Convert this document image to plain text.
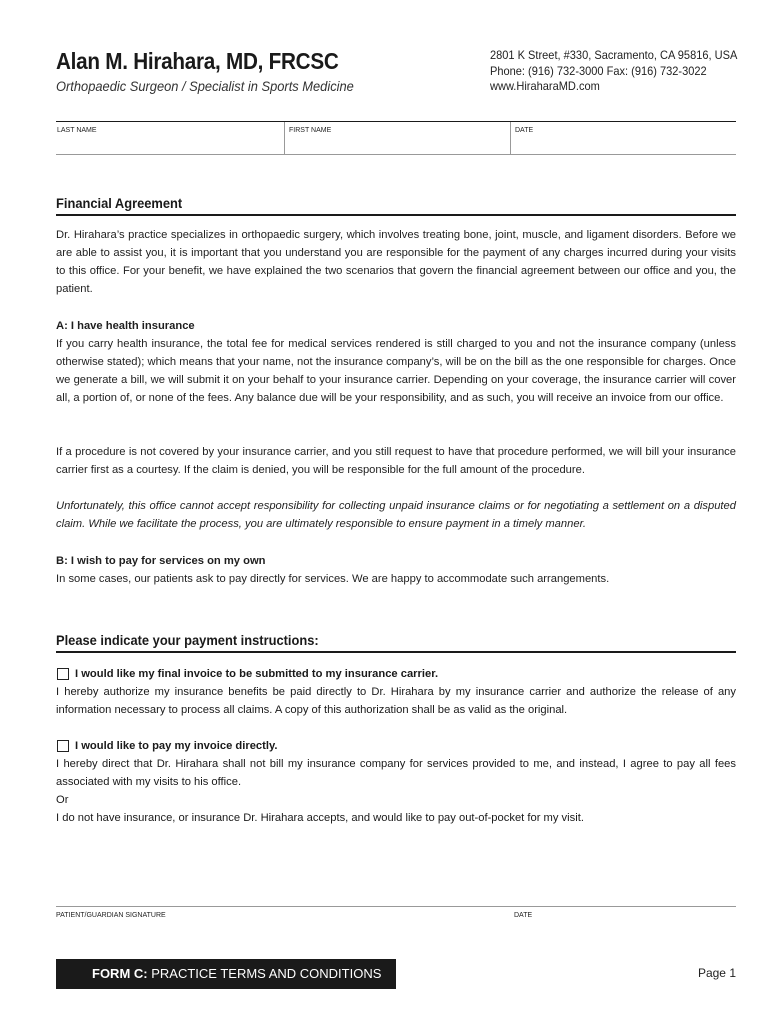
Alan M. Hirahara, MD, FRCSC
Orthopaedic Surgeon / Specialist in Sports Medicine
2801 K Street, #330, Sacramento, CA 95816, USA
Phone: (916) 732-3000 Fax: (916) 732-3022
www.HiraharaMD.com
LAST NAME	FIRST NAME	DATE
Financial Agreement
Dr. Hirahara’s practice specializes in orthopaedic surgery, which involves treating bone, joint, muscle, and ligament disorders. Before we are able to assist you, it is important that you understand you are responsible for the payment of any charges incurred during your visits to this office. For your benefit, we have explained the two scenarios that govern the financial agreement between our office and you, the patient.
A: I have health insurance
If you carry health insurance, the total fee for medical services rendered is still charged to you and not the insurance company (unless otherwise stated); which means that your name, not the insurance company’s, will be on the bill as the one responsible for charges. Once we generate a bill, we will submit it on your behalf to your insurance carrier. Depending on your coverage, the insurance carrier will cover all, a portion of, or none of the fees. Any balance due will be your responsibility, and as such, you will receive an invoice from our office.
If a procedure is not covered by your insurance carrier, and you still request to have that procedure performed, we will bill your insurance carrier first as a courtesy. If the claim is denied, you will be responsible for the full amount of the procedure.
Unfortunately, this office cannot accept responsibility for collecting unpaid insurance claims or for negotiating a settlement on a disputed claim. While we facilitate the process, you are ultimately responsible to ensure payment in a timely manner.
B: I wish to pay for services on my own
In some cases, our patients ask to pay directly for services. We are happy to accommodate such arrangements.
Please indicate your payment instructions:
I would like my final invoice to be submitted to my insurance carrier.
I hereby authorize my insurance benefits be paid directly to Dr. Hirahara by my insurance carrier and authorize the release of any information necessary to process all claims. A copy of this authorization shall be as valid as the original.
I would like to pay my invoice directly.
I hereby direct that Dr. Hirahara shall not bill my insurance company for services provided to me, and instead, I agree to pay all fees associated with my visits to his office.
Or
I do not have insurance, or insurance Dr. Hirahara accepts, and would like to pay out-of-pocket for my visit.
PATIENT/GUARDIAN SIGNATURE	DATE
FORM C: PRACTICE TERMS AND CONDITIONS	Page 1
